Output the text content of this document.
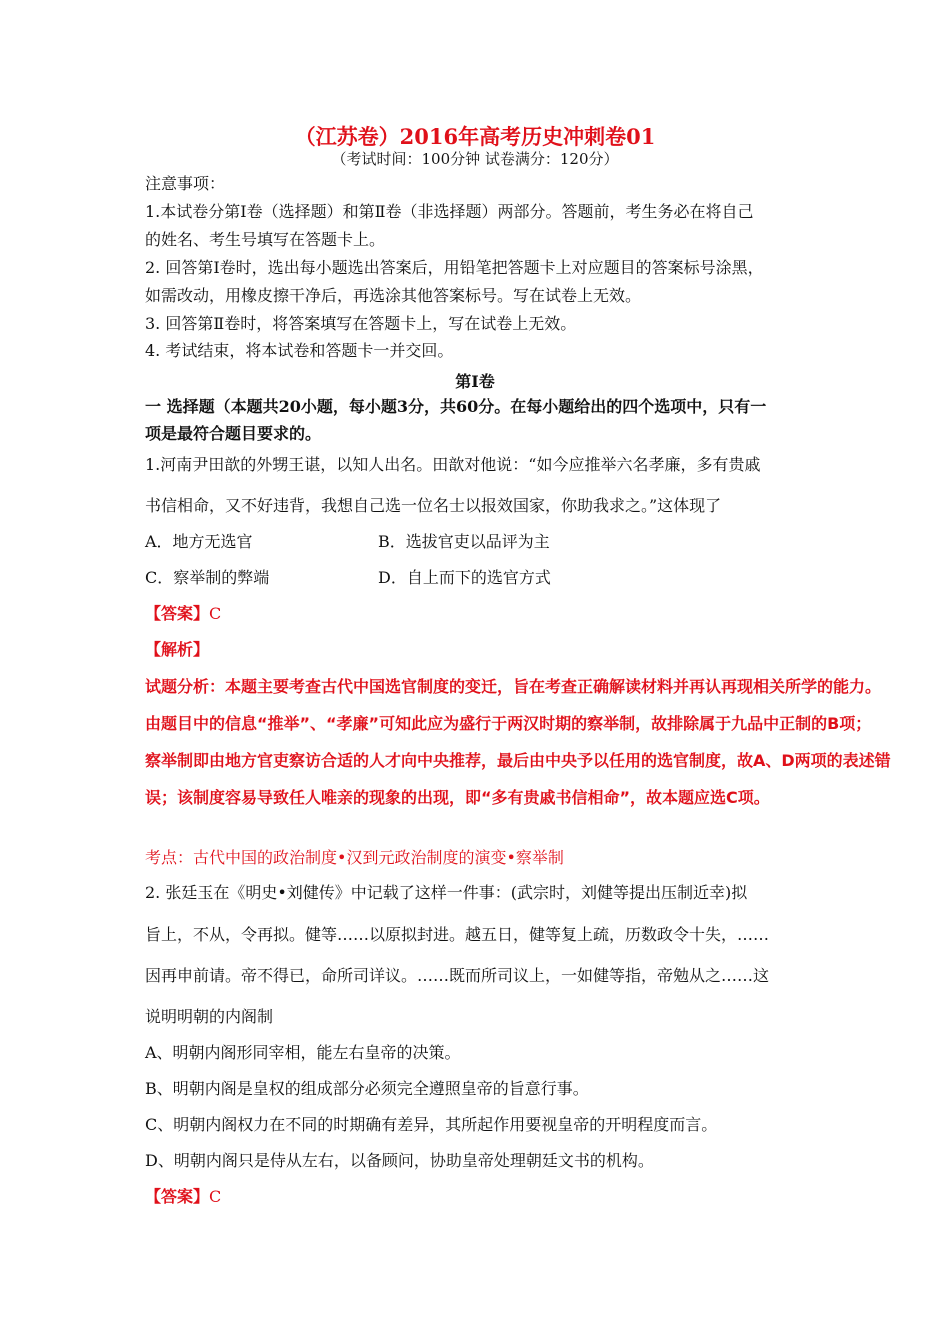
（江苏卷）2016年高考历史冲刺卷01
（考试时间：100分钟 试卷满分：120分）
注意事项：
1.本试卷分第Ⅰ卷（选择题）和第Ⅱ卷（非选择题）两部分。答题前，考生务必在将自己
的姓名、考生号填写在答题卡上。
2. 回答第Ⅰ卷时，选出每小题选出答案后，用铅笔把答题卡上对应题目的答案标号涂黑，
如需改动，用橡皮擦干净后，再选涂其他答案标号。写在试卷上无效。
3. 回答第Ⅱ卷时，将答案填写在答题卡上，写在试卷上无效。
4. 考试结束，将本试卷和答题卡一并交回。
第Ⅰ卷
一 选择题（本题共20小题，每小题3分，共60分。在每小题给出的四个选项中，只有一
项是最符合题目要求的。
1.河南尹田歆的外甥王谌，以知人出名。田歆对他说：“如今应推举六名孝廉，多有贵戚
书信相命，又不好违背，我想自己选一位名士以报效国家，你助我求之。”这体现了
A．地方无选官	B．选拔官吏以品评为主
C．察举制的弊端	D．自上而下的选官方式
【答案】C
【解析】
试题分析：本题主要考查古代中国选官制度的变迁，旨在考查正确解读材料并再认再现相关所学的能力。
由题目中的信息“推举”、“孝廉”可知此应为盛行于两汉时期的察举制，故排除属于九品中正制的B项；
察举制即由地方官吏察访合适的人才向中央推荐，最后由中央予以任用的选官制度，故A、D两项的表述错
误；该制度容易导致任人唯亲的现象的出现，即“多有贵戚书信相命”，故本题应选C项。
考点：古代中国的政治制度•汉到元政治制度的演变•察举制
2. 张廷玉在《明史•刘健传》中记载了这样一件事：(武宗时，刘健等提出压制近幸)拟
旨上，不从，令再拟。健等……以原拟封进。越五日，健等复上疏，历数政令十失，……
因再申前请。帝不得已，命所司详议。……既而所司议上，一如健等指，帝勉从之……这
说明明朝的内阁制
A、明朝内阁形同宰相，能左右皇帝的决策。
B、明朝内阁是皇权的组成部分必须完全遵照皇帝的旨意行事。
C、明朝内阁权力在不同的时期确有差异，其所起作用要视皇帝的开明程度而言。
D、明朝内阁只是侍从左右，以备顾问，协助皇帝处理朝廷文书的机构。
【答案】C
